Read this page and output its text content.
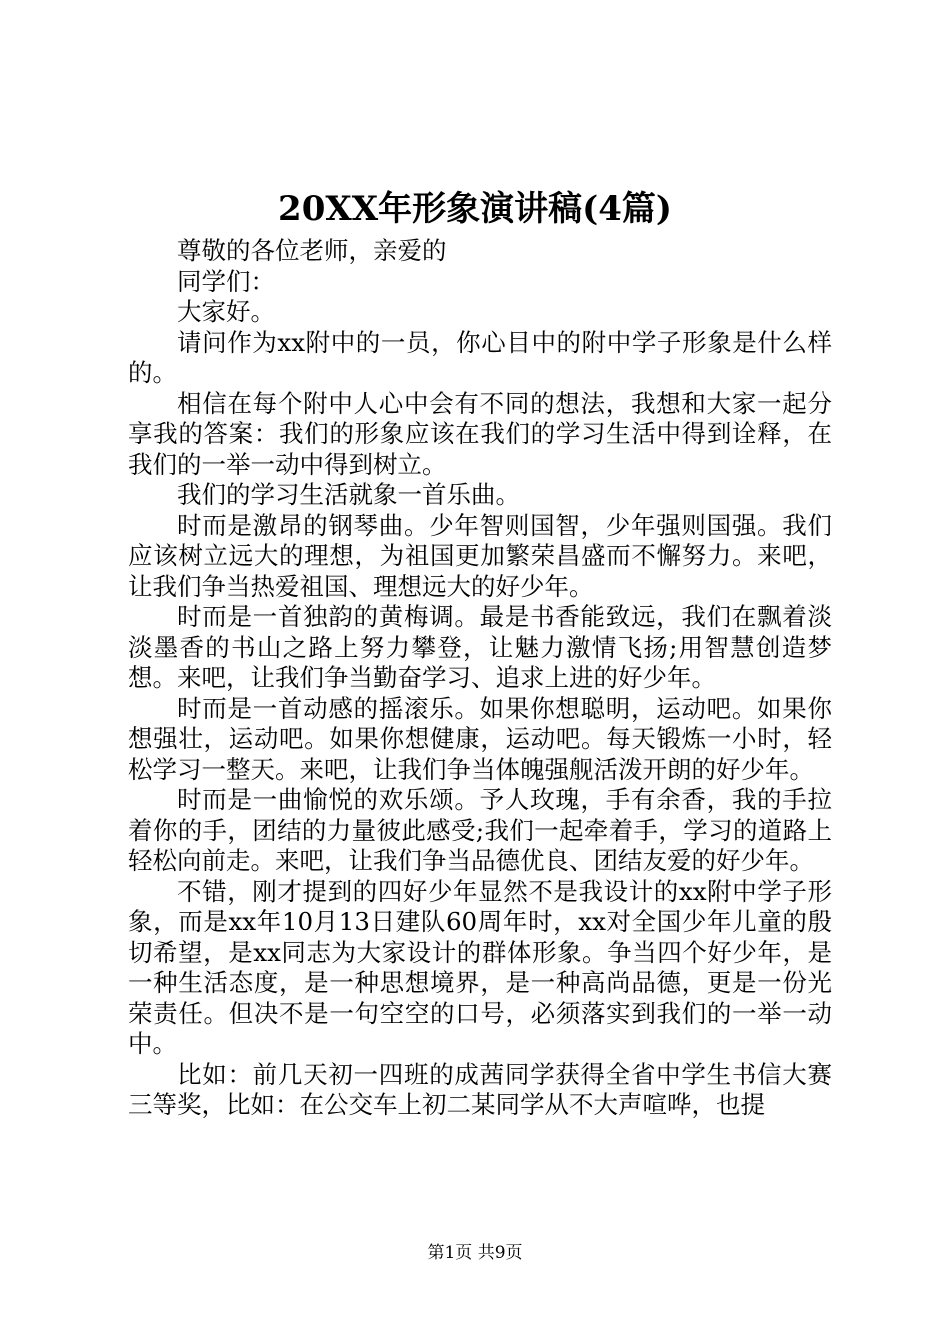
20XX年形象演讲稿(4篇)

尊敬的各位老师，亲爱的

同学们：

大家好。

请问作为xx附中的一员，你心目中的附中学子形象是什么样的。

相信在每个附中人心中会有不同的想法，我想和大家一起分享我的答案：我们的形象应该在我们的学习生活中得到诠释，在我们的一举一动中得到树立。

我们的学习生活就象一首乐曲。

时而是激昂的钢琴曲。少年智则国智，少年强则国强。我们应该树立远大的理想，为祖国更加繁荣昌盛而不懈努力。来吧，让我们争当热爱祖国、理想远大的好少年。

时而是一首独韵的黄梅调。最是书香能致远，我们在飘着淡淡墨香的书山之路上努力攀登，让魅力激情飞扬;用智慧创造梦想。来吧，让我们争当勤奋学习、追求上进的好少年。

时而是一首动感的摇滚乐。如果你想聪明，运动吧。如果你想强壮，运动吧。如果你想健康，运动吧。每天锻炼一小时，轻松学习一整天。来吧，让我们争当体魄强舰活泼开朗的好少年。

时而是一曲愉悦的欢乐颂。予人玫瑰，手有余香，我的手拉着你的手，团结的力量彼此感受;我们一起牵着手，学习的道路上轻松向前走。来吧，让我们争当品德优良、团结友爱的好少年。

不错，刚才提到的四好少年显然不是我设计的xx附中学子形象，而是xx年10月13日建队60周年时，xx对全国少年儿童的殷切希望，是xx同志为大家设计的群体形象。争当四个好少年，是一种生活态度，是一种思想境界，是一种高尚品德，更是一份光荣责任。但决不是一句空空的口号，必须落实到我们的一举一动中。

比如：前几天初一四班的成茜同学获得全省中学生书信大赛三等奖，比如：在公交车上初二某同学从不大声喧哗，也提

第1页 共9页
